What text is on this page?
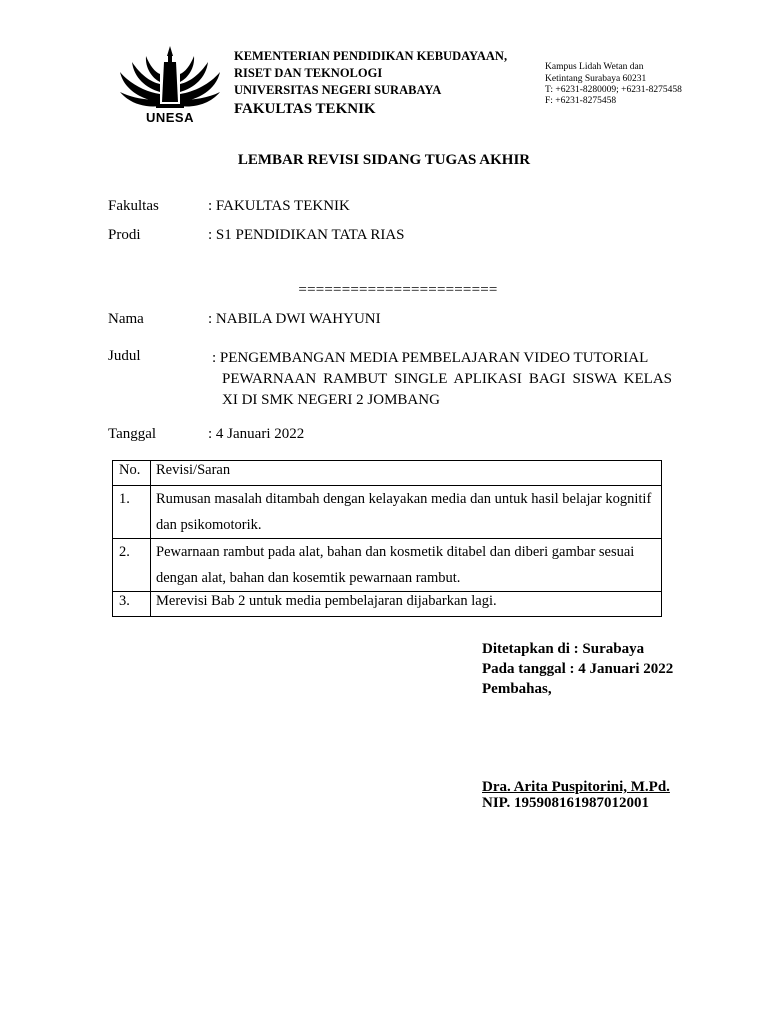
UNESA
KEMENTERIAN PENDIDIKAN KEBUDAYAAN,
RISET DAN TEKNOLOGI
UNIVERSITAS NEGERI SURABAYA
FAKULTAS TEKNIK
Kampus Lidah Wetan dan
Ketintang Surabaya 60231
T: +6231-8280009; +6231-8275458
F: +6231-8275458
LEMBAR REVISI SIDANG TUGAS AKHIR
Fakultas	: FAKULTAS TEKNIK
Prodi	: S1 PENDIDIKAN TATA RIAS
=======================
Nama	: NABILA DWI WAHYUNI
Judul	: PENGEMBANGAN MEDIA PEMBELAJARAN VIDEO TUTORIAL
PEWARNAAN RAMBUT SINGLE APLIKASI BAGI SISWA KELAS XI DI SMK NEGERI 2 JOMBANG
Tanggal	: 4 Januari 2022
No.	Revisi/Saran
1.	Rumusan masalah ditambah dengan kelayakan media dan untuk hasil belajar kognitif dan psikomotorik.
2.	Pewarnaan rambut pada alat, bahan dan kosmetik ditabel dan diberi gambar sesuai dengan alat, bahan dan kosemtik pewarnaan rambut.
3.	Merevisi Bab 2 untuk media pembelajaran dijabarkan lagi.
Ditetapkan di : Surabaya
Pada tanggal : 4 Januari 2022
Pembahas,
Dra. Arita Puspitorini, M.Pd.
NIP. 195908161987012001
